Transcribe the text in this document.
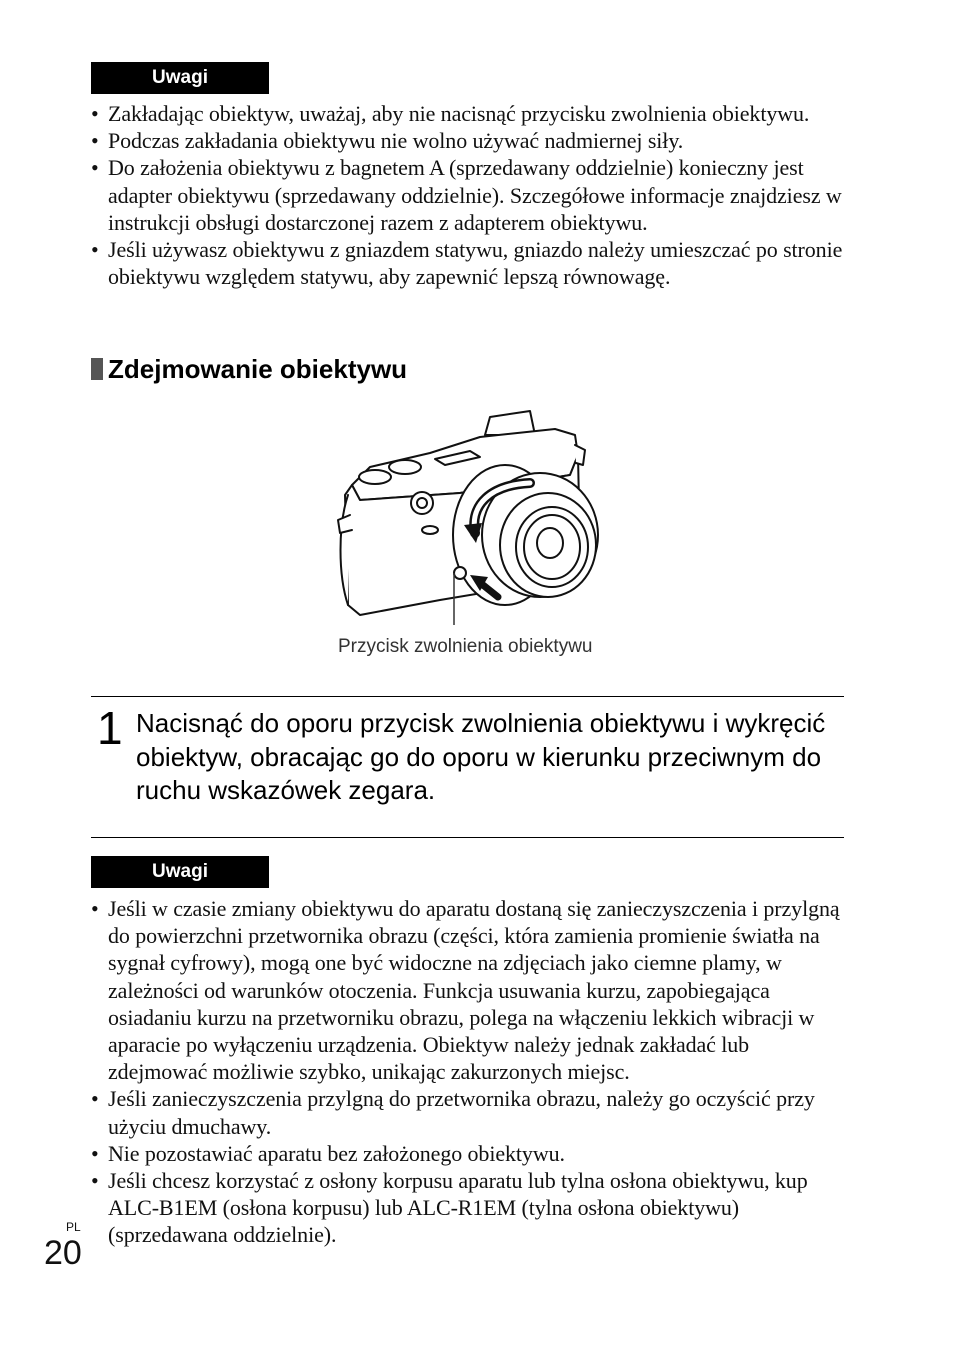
Uwagi
• Zakładając obiektyw, uważaj, aby nie nacisnąć przycisku zwolnienia obiektywu.
• Podczas zakładania obiektywu nie wolno używać nadmiernej siły.
• Do założenia obiektywu z bagnetem A (sprzedawany oddzielnie) konieczny jest adapter obiektywu (sprzedawany oddzielnie). Szczegółowe informacje znajdziesz w instrukcji obsługi dostarczonej razem z adapterem obiektywu.
• Jeśli używasz obiektywu z gniazdem statywu, gniazdo należy umieszczać po stronie obiektywu względem statywu, aby zapewnić lepszą równowagę.
Zdejmowanie obiektywu
Przycisk zwolnienia obiektywu
1 Nacisnąć do oporu przycisk zwolnienia obiektywu i wykręcić obiektyw, obracając go do oporu w kierunku przeciwnym do ruchu wskazówek zegara.
Uwagi
• Jeśli w czasie zmiany obiektywu do aparatu dostaną się zanieczyszczenia i przylgną do powierzchni przetwornika obrazu (części, która zamienia promienie światła na sygnał cyfrowy), mogą one być widoczne na zdjęciach jako ciemne plamy, w zależności od warunków otoczenia. Funkcja usuwania kurzu, zapobiegająca osiadaniu kurzu na przetworniku obrazu, polega na włączeniu lekkich wibracji w aparacie po wyłączeniu urządzenia. Obiektyw należy jednak zakładać lub zdejmować możliwie szybko, unikając zakurzonych miejsc.
• Jeśli zanieczyszczenia przylgną do przetwornika obrazu, należy go oczyścić przy użyciu dmuchawy.
• Nie pozostawiać aparatu bez założonego obiektywu.
• Jeśli chcesz korzystać z osłony korpusu aparatu lub tylna osłona obiektywu, kup ALC-B1EM (osłona korpusu) lub ALC-R1EM (tylna osłona obiektywu) (sprzedawana oddzielnie).
PL
20
